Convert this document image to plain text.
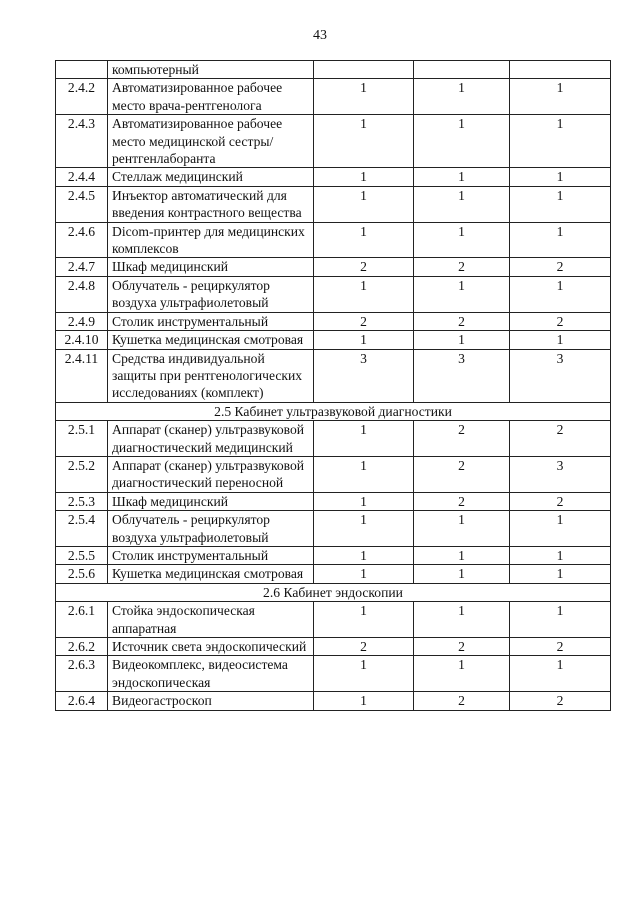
43
	компьютерный			
2.4.2	Автоматизированное рабочее место врача-рентгенолога	1	1	1
2.4.3	Автоматизированное рабочее место медицинской сестры/рентгенлаборанта	1	1	1
2.4.4	Стеллаж медицинский	1	1	1
2.4.5	Инъектор автоматический для введения контрастного вещества	1	1	1
2.4.6	Dicom-принтер для медицинских комплексов	1	1	1
2.4.7	Шкаф медицинский	2	2	2
2.4.8	Облучатель - рециркулятор воздуха ультрафиолетовый	1	1	1
2.4.9	Столик инструментальный	2	2	2
2.4.10	Кушетка медицинская смотровая	1	1	1
2.4.11	Средства индивидуальной защиты при рентгенологических исследованиях (комплект)	3	3	3
2.5 Кабинет ультразвуковой диагностики				
2.5.1	Аппарат (сканер) ультразвуковой диагностический медицинский	1	2	2
2.5.2	Аппарат (сканер) ультразвуковой диагностический переносной	1	2	3
2.5.3	Шкаф медицинский	1	2	2
2.5.4	Облучатель - рециркулятор воздуха ультрафиолетовый	1	1	1
2.5.5	Столик инструментальный	1	1	1
2.5.6	Кушетка медицинская смотровая	1	1	1
2.6 Кабинет эндоскопии				
2.6.1	Стойка эндоскопическая аппаратная	1	1	1
2.6.2	Источник света эндоскопический	2	2	2
2.6.3	Видеокомплекс, видеосистема эндоскопическая	1	1	1
2.6.4	Видеогастроскоп	1	2	2
